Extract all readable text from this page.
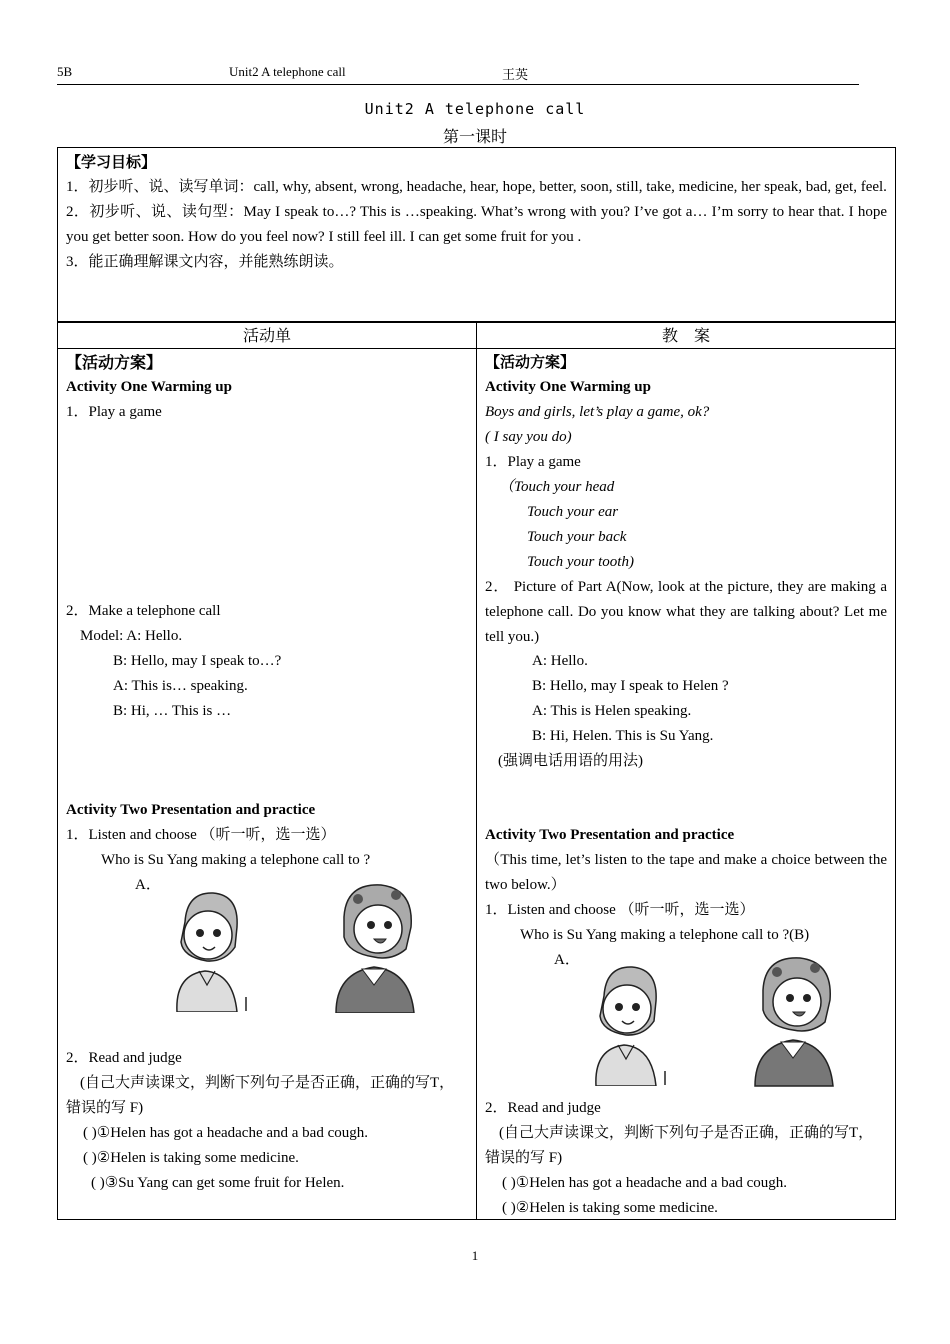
5B	Unit2 A telephone call	王英
Unit2 A telephone call
第一课时
【学习目标】
1．初步听、说、读写单词：call, why, absent, wrong, headache, hear, hope, better, soon, still, take, medicine, her speak, bad, get, feel.
2．初步听、说、读句型：May I speak to…? This is …speaking. What’s wrong with you? I’ve got a… I’m sorry to hear that. I hope you get better soon. How do you feel now? I still feel ill. I can get some fruit for you .
3．能正确理解课文内容，并能熟练朗读。
活动单	教　案
【活动方案】
Activity One Warming up
1．Play a game
2．Make a telephone call
Model: A: Hello.
B: Hello, may I speak to…?
A: This is… speaking.
B: Hi, … This is …
Activity Two Presentation and practice
1．Listen and choose （听一听，选一选）
Who is Su Yang making a telephone call to ?
A．
2．Read and judge
(自己大声读课文，判断下列句子是否正确，正确的写T，错误的写 F)
( )①Helen has got a headache and a bad cough.
( )②Helen is taking some medicine.
( )③Su Yang can get some fruit for Helen.
【活动方案】
Activity One Warming up
Boys and girls, let’s play a game, ok?
( I say you do)
1．Play a game
（Touch your head
Touch your ear
Touch your back
Touch your tooth)
2． Picture of Part A(Now, look at the picture, they are making a telephone call. Do you know what they are talking about? Let me tell you.)
A: Hello.
B: Hello, may I speak to Helen ?
A: This is Helen speaking.
B: Hi, Helen. This is Su Yang.
(强调电话用语的用法)
Activity Two Presentation and practice
（This time, let’s listen to the tape and make a choice between the two below.）
1．Listen and choose （听一听，选一选）
Who is Su Yang making a telephone call to ?(B)
A．
2．Read and judge
(自己大声读课文，判断下列句子是否正确，正确的写T，错误的写 F)
( )①Helen has got a headache and a bad cough.
( )②Helen is taking some medicine.
1
